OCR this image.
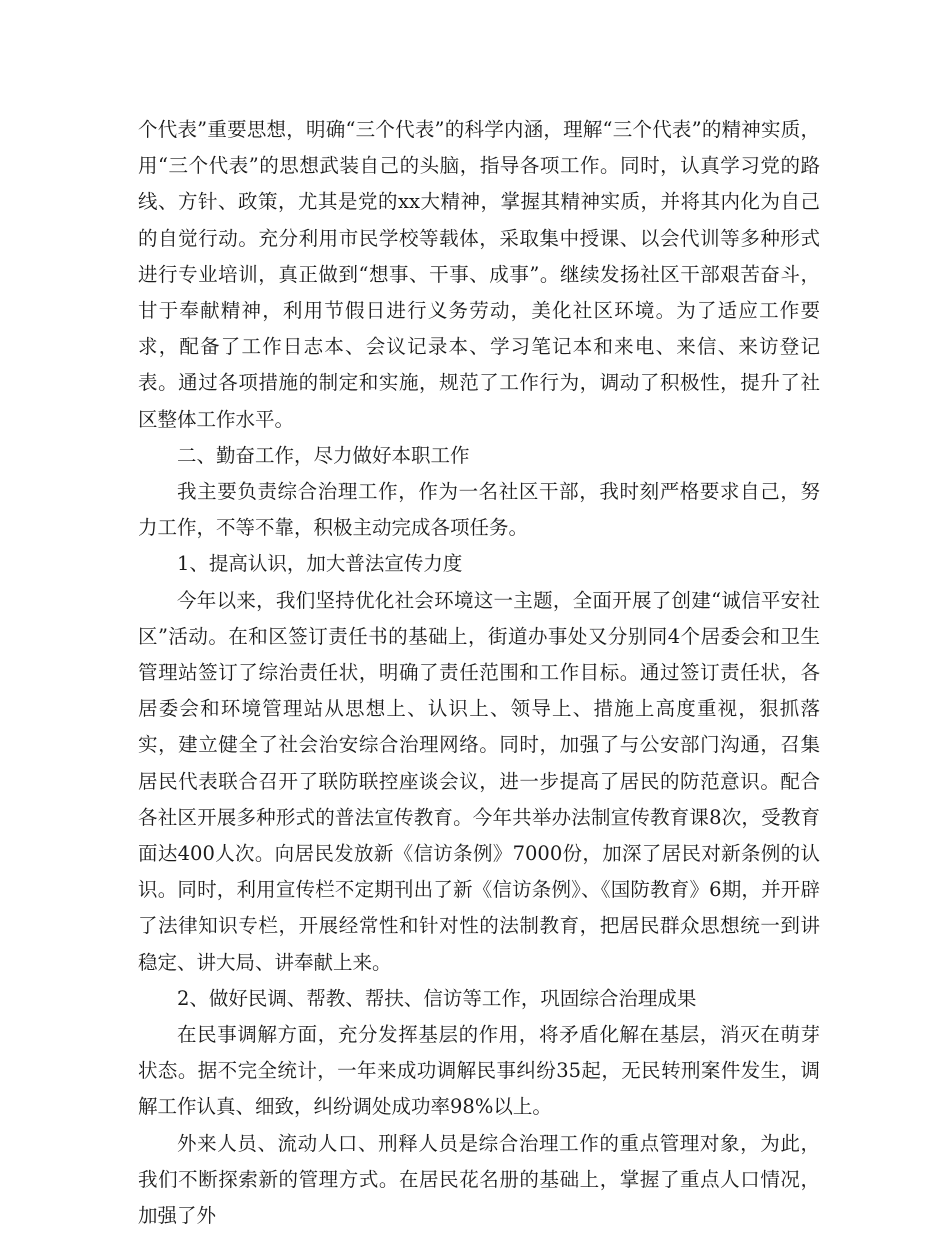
个代表”重要思想，明确“三个代表”的科学内涵，理解“三个代表”的精神实质，用“三个代表”的思想武装自己的头脑，指导各项工作。同时，认真学习党的路线、方针、政策，尤其是党的xx大精神，掌握其精神实质，并将其内化为自己的自觉行动。充分利用市民学校等载体，采取集中授课、以会代训等多种形式进行专业培训，真正做到“想事、干事、成事”。继续发扬社区干部艰苦奋斗，甘于奉献精神，利用节假日进行义务劳动，美化社区环境。为了适应工作要求，配备了工作日志本、会议记录本、学习笔记本和来电、来信、来访登记表。通过各项措施的制定和实施，规范了工作行为，调动了积极性，提升了社区整体工作水平。

二、勤奋工作，尽力做好本职工作

我主要负责综合治理工作，作为一名社区干部，我时刻严格要求自己，努力工作，不等不靠，积极主动完成各项任务。

1、提高认识，加大普法宣传力度

今年以来，我们坚持优化社会环境这一主题，全面开展了创建“诚信平安社区”活动。在和区签订责任书的基础上，街道办事处又分别同4个居委会和卫生管理站签订了综治责任状，明确了责任范围和工作目标。通过签订责任状，各居委会和环境管理站从思想上、认识上、领导上、措施上高度重视，狠抓落实，建立健全了社会治安综合治理网络。同时，加强了与公安部门沟通，召集居民代表联合召开了联防联控座谈会议，进一步提高了居民的防范意识。配合各社区开展多种形式的普法宣传教育。今年共举办法制宣传教育课8次，受教育面达400人次。向居民发放新《信访条例》7000份，加深了居民对新条例的认识。同时，利用宣传栏不定期刊出了新《信访条例》、《国防教育》6期，并开辟了法律知识专栏，开展经常性和针对性的法制教育，把居民群众思想统一到讲稳定、讲大局、讲奉献上来。

2、做好民调、帮教、帮扶、信访等工作，巩固综合治理成果

在民事调解方面，充分发挥基层的作用，将矛盾化解在基层，消灭在萌芽状态。据不完全统计，一年来成功调解民事纠纷35起，无民转刑案件发生，调解工作认真、细致，纠纷调处成功率98%以上。

外来人员、流动人口、刑释人员是综合治理工作的重点管理对象，为此，我们不断探索新的管理方式。在居民花名册的基础上，掌握了重点人口情况，加强了外
